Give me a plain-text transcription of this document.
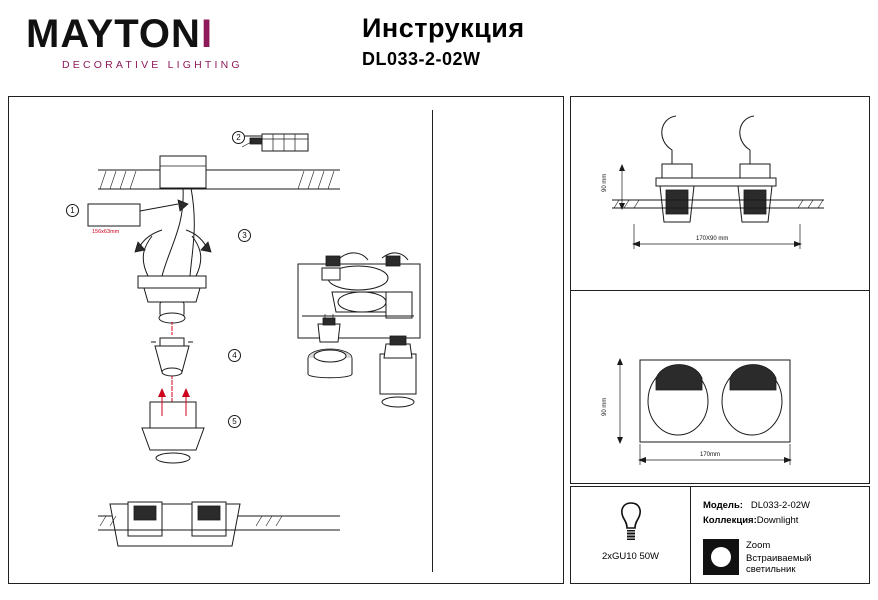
MAYTONI
DECORATIVE LIGHTING
Инструкция
DL033-2-02W
156x63mm
1
2
3
4
5
90 mm
170X90 mm
90 mm
170mm
2xGU10 50W
Модель: DL033-2-02W
Коллекция:Downlight
Zoom
Встраиваемый светильник
